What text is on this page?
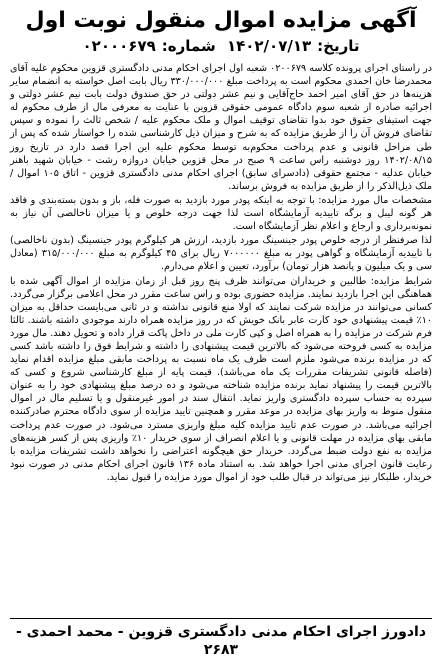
آگهی مزایده اموال منقول نوبت اول
تاریخ:۱۴۰۲/۰۷/۱۳ شماره:۰۲۰۰۰۶۷۹

در راستای اجرای پرونده کلاسه ۰۲۰۰۶۷۹ شعبه اول اجرای احکام مدنی دادگستری قزوین محکوم علیه آقای محمدرضا خان احمدی محکوم است به پرداخت مبلغ ۳۳۰/۰۰۰/۰۰۰ ریال بابت اصل خواسته به انضمام سایر هزینه‌ها در حق آقای امیر احمد حاج‌آقایی و نیم عشر دولتی در حق صندوق دولت بابت نیم عشر دولتی و اجرائیه صادره از شعبه سوم دادگاه عمومی حقوقی قزوین با عنایت به معرفی مال از طرف محکوم له جهت استیفای حقوق خود بدوا تقاضای توقیف اموال و ملک محکوم علیه / شخص ثالث را نموده و سپس تقاضای فروش آن را از طریق مزایده که به شرح و میزان ذیل کارشناسی شده را خواستار شده که پس از طی مراحل قانونی و عدم پرداخت محکوم‌به توسط محکوم علیه این اجرا قصد دارد در تاریخ روز ۱۴۰۲/۰۸/۱۵ روز دوشنبه راس ساعت ۹ صبح در محل قزوین خیابان دروازه رشت - خیابان شهید باهنر خیابان عدلیه - مجتمع حقوقی (دادسرای سابق) اجرای احکام مدنی دادگستری قزوین - اتاق ۱۰۵ اموال / ملک ذیل‌الذکر را از طریق مزایده به فروش برساند.

مشخصات مال مورد مزایده: با توجه به اینکه پودر مورد بازدید به صورت فله، باز و بدون بسته‌بندی و فاقد هر گونه لیبل و برگه تاییدیه آزمایشگاه است لذا جهت درجه خلوص و یا میزان ناخالصی آن نیاز به نمونه‌برداری و ارجاع و اعلام نظر آزمایشگاه است.

لذا صرفنظر از درجه خلوص پودر جینسینگ مورد بازدید، ارزش هر کیلوگرم پودر جینسینگ (بدون ناخالصی) با تاییدیه آزمایشگاه و گواهی پودر به مبلغ ۷۰۰۰۰۰۰ ریال برای ۴۵ کیلوگرم به مبلغ ۳۱۵/۰۰۰/۰۰۰ (معادل سی و یک میلیون و پانصد هزار تومان) برآورد، تعیین و اعلام می‌دارم.

شرایط مزایده: طالبین و خریداران می‌توانند ظرف پنج روز قبل از زمان مزایده از اموال آگهی شده با هماهنگی این اجرا بازدید نمایند. مزایده حضوری بوده و راس ساعت مقرر در محل اعلامی برگزار می‌گردد. کسانی می‌توانند در مزایده شرکت نمایند که اولا منع قانونی نداشته و در ثانی می‌بایست حداقل به میزان ۱۰٪ قیمت پیشنهادی خود کارت عابر بانک خویش که در روز مزایده همراه دارند موجودی داشته باشند. ثالثا فرم شرکت در مزایده را به همراه اصل و کپی کارت ملی در داخل پاکت قرار داده و تحویل دهند. مال مورد مزایده به کسی فروخته می‌شود که بالاترین قیمت پیشنهادی را داشته و شرایط فوق را داشته باشد کسی که در مزایده برنده می‌شود ملزم است ظرف یک ماه نسبت به پرداخت مابقی مبلغ مزایده اقدام نماید (فاصله قانونی تشریفات مقررات یک ماه می‌باشد). قیمت پایه از مبلغ کارشناسی شروع و کسی که بالاترین قیمت را پیشنهاد نماید برنده مزایده شناخته می‌شود و ده درصد مبلغ پیشنهادی خود را به عنوان سپرده به حساب سپرده دادگستری واریز نماید. انتقال سند در امور غیرمنقول و یا تسلیم مال در اموال منقول منوط به واریز بهای مزایده در موعد مقرر و همچنین تایید مزایده از سوی دادگاه محترم صادرکننده اجرائیه می‌باشد. در صورت عدم تایید مزایده کلیه مبلغ واریزی مسترد می‌شود. در صورت عدم پرداخت مابقی بهای مزایده در مهلت قانونی و یا اعلام انصراف از سوی خریدار ۱۰٪ واریزی پس از کسر هزینه‌های مزایده به نفع دولت ضبط می‌گردد. خریدار حق هیچگونه اعتراضی را نخواهد داشت تشریفات مزایده با رعایت قانون اجرای مدنی اجرا خواهد شد. به استناد ماده ۱۳۶ قانون اجرای احکام مدنی در صورت نبود خریدار، طلبکار نیز می‌تواند در قبال طلب خود از اموال مورد مزایده را قبول نماید.

دادورز اجرای احکام مدنی دادگستری قزوین - محمد احمدی - ۲۶۸۳
